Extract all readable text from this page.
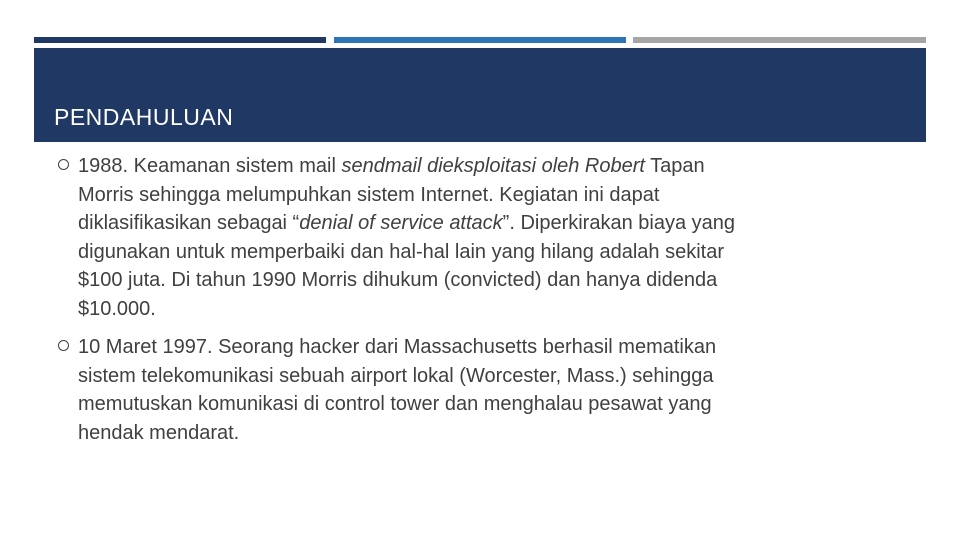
PENDAHULUAN
1988. Keamanan sistem mail sendmail dieksploitasi oleh Robert Tapan
Morris sehingga melumpuhkan sistem Internet. Kegiatan ini dapat
diklasifikasikan sebagai “denial of service attack”. Diperkirakan biaya yang
digunakan untuk memperbaiki dan hal-hal lain yang hilang adalah sekitar
$100 juta. Di tahun 1990 Morris dihukum (convicted) dan hanya didenda
$10.000.
10 Maret 1997. Seorang hacker dari Massachusetts berhasil mematikan
sistem telekomunikasi sebuah airport lokal (Worcester, Mass.) sehingga
memutuskan komunikasi di control tower dan menghalau pesawat yang
hendak mendarat.
